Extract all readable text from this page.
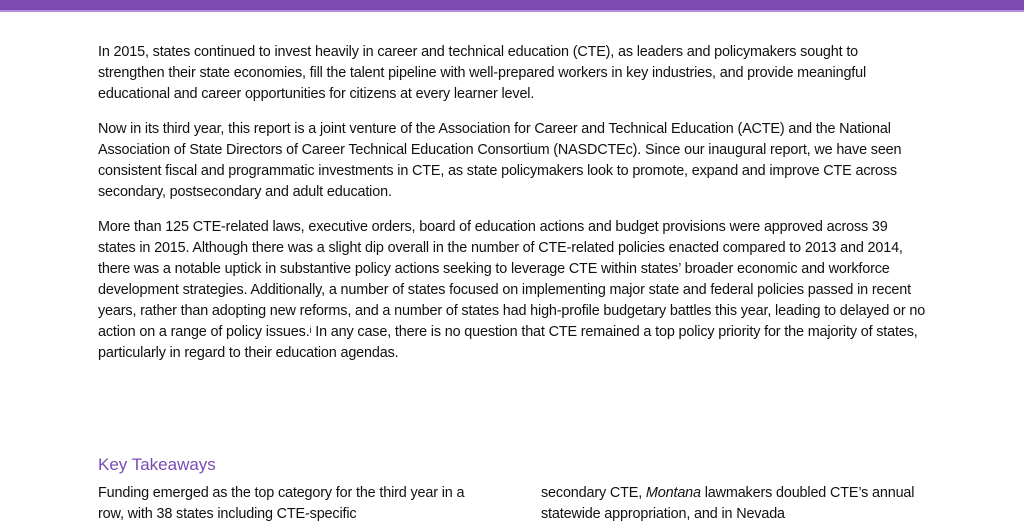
In 2015, states continued to invest heavily in career and technical education (CTE), as leaders and policymakers sought to strengthen their state economies, fill the talent pipeline with well-prepared workers in key industries, and provide meaningful educational and career opportunities for citizens at every learner level.

Now in its third year, this report is a joint venture of the Association for Career and Technical Education (ACTE) and the National Association of State Directors of Career Technical Education Consortium (NASDCTEc). Since our inaugural report, we have seen consistent fiscal and programmatic investments in CTE, as state policymakers look to promote, expand and improve CTE across secondary, postsecondary and adult education.

More than 125 CTE-related laws, executive orders, board of education actions and budget provisions were approved across 39 states in 2015. Although there was a slight dip overall in the number of CTE-related policies enacted compared to 2013 and 2014, there was a notable uptick in substantive policy actions seeking to leverage CTE within states’ broader economic and workforce development strategies. Additionally, a number of states focused on implementing major state and federal policies passed in recent years, rather than adopting new reforms, and a number of states had high-profile budgetary battles this year, leading to delayed or no action on a range of policy issues.$^i$ In any case, there is no question that CTE remained a top policy priority for the majority of states, particularly in regard to their education agendas.

Key Takeaways
Funding emerged as the top category for the third year in a row, with 38 states including CTE-specific
secondary CTE, Montana lawmakers doubled CTE’s annual statewide appropriation, and in Nevada
